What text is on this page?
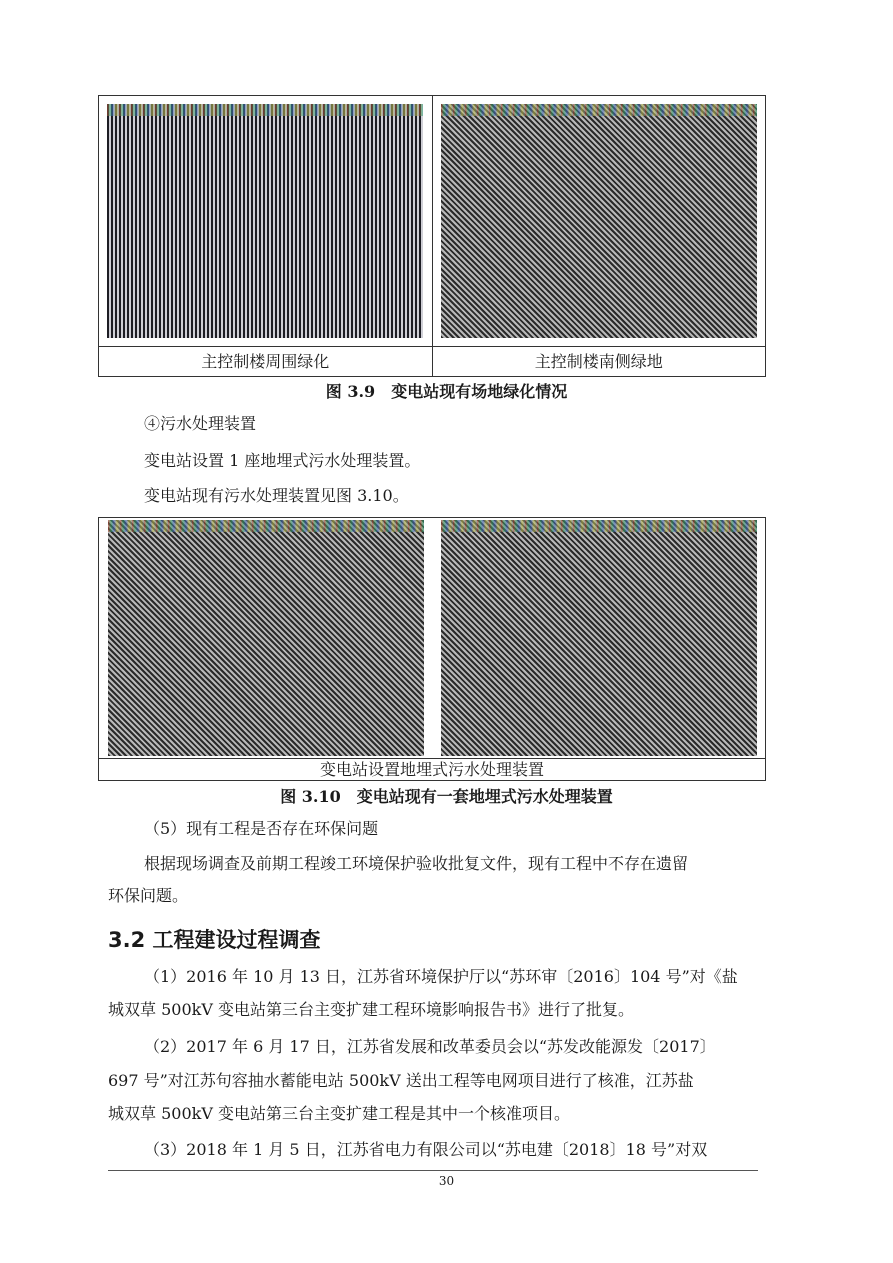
主控制楼周围绿化	主控制楼南侧绿地
图 3.9　变电站现有场地绿化情况
④污水处理装置
变电站设置 1 座地埋式污水处理装置。
变电站现有污水处理装置见图 3.10。

变电站设置地埋式污水处理装置
图 3.10　变电站现有一套地埋式污水处理装置
（5）现有工程是否存在环保问题
根据现场调查及前期工程竣工环境保护验收批复文件，现有工程中不存在遗留
环保问题。
3.2 工程建设过程调查
（1）2016 年 10 月 13 日，江苏省环境保护厅以“苏环审〔2016〕104 号”对《盐
城双草 500kV 变电站第三台主变扩建工程环境影响报告书》进行了批复。
（2）2017 年 6 月 17 日，江苏省发展和改革委员会以“苏发改能源发〔2017〕
697 号”对江苏句容抽水蓄能电站 500kV 送出工程等电网项目进行了核准，江苏盐
城双草 500kV 变电站第三台主变扩建工程是其中一个核准项目。
（3）2018 年 1 月 5 日，江苏省电力有限公司以“苏电建〔2018〕18 号”对双
30
